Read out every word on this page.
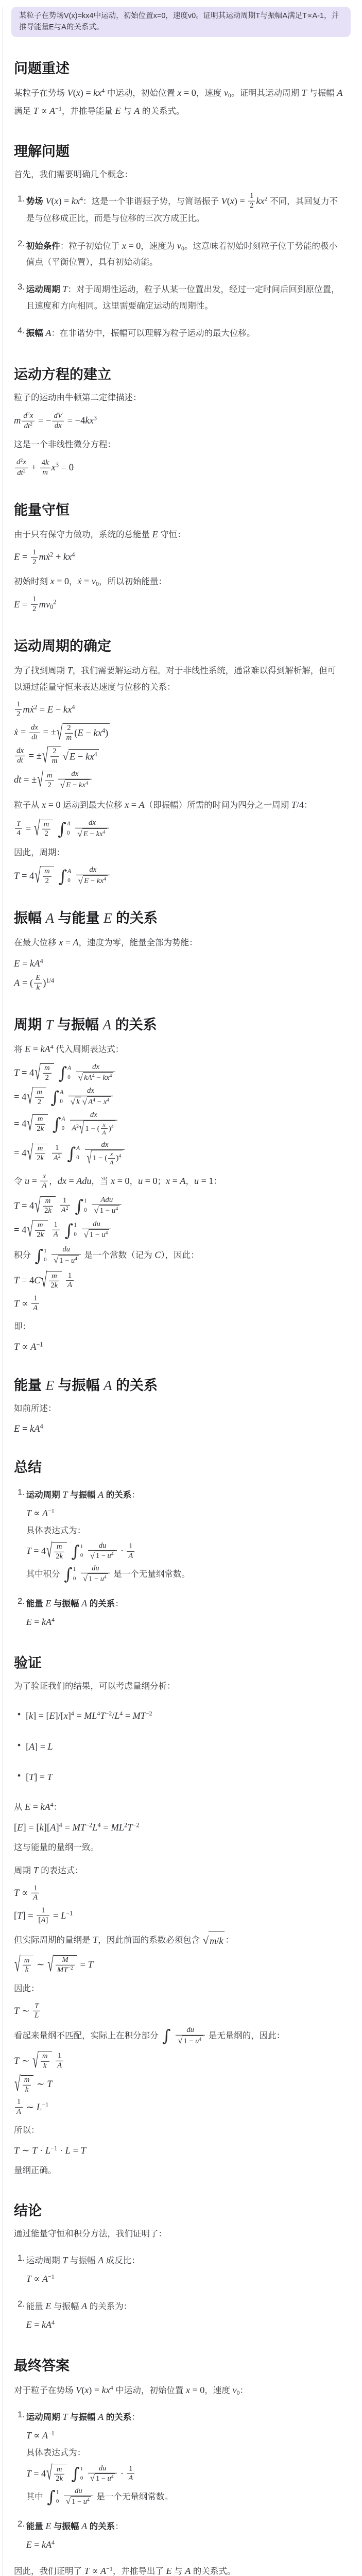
某粒子在势场V(x)=kx4中运动，初始位置x=0，速度v0。证明其运动周期T与振幅A满足T∝A-1，并推导能量E与A的关系式。
问题重述

某粒子在势场 $V(x) = kx^4$ 中运动，初始位置 x = 0，速度 $v_0$。证明其运动周期 T 与振幅 A 满足 $T \propto A^{-1}$，并推导能量 E 与 A 的关系式。

理解问题

首先，我们需要明确几个概念：

1. 势场 $V(x) = kx^4$：这是一个非谐振子势，与简谐振子 $V(x) = \frac{1}{2} kx^2$ 不同，其回复力不是与位移成正比，而是与位移的三次方成正比。
2. 初始条件：粒子初始位于 x = 0，速度为 $v_0$。这意味着初始时刻粒子位于势能的极小值点（平衡位置），具有初始动能。
3. 运动周期 T：对于周期性运动，粒子从某一位置出发，经过一定时间后回到原位置，且速度和方向相同。这里需要确定运动的周期性。
4. 振幅 A：在非谐势中，振幅可以理解为粒子运动的最大位移。
运动方程的建立

粒子的运动由牛顿第二定律描述：

m $\frac{d^2x}{dt^2}$ = − $\frac{dV}{dx} = -4kx^3$

这是一个非线性微分方程：

$\frac{d^2x}{dt^2} + \frac{4k}{m} x^3 = 0$
能量守恒

由于只有保守力做功，系统的总能量 E 守恒：

$E = \frac{1}{2}$ mẋ$^2$ + $kx^4$

初始时刻 x = 0，ẋ = $v_0$，所以初始能量：

$E = \frac{1}{2} mv_0^2$
运动周期的确定

为了找到周期 T，我们需要解运动方程。对于非线性系统，通常难以得到解析解，但可以通过能量守恒来表达速度与位移的关系：

$\frac{1}{2}$ mẋ$^2$ = $E - kx^4$
ẋ = $\frac{dx}{dt}$ = ± √ $\frac{2}{m} (E - kx^4)$
$\frac{dx}{dt}$ = ± √ $\frac{2}{m}$ √ $E - kx^4$
dt = ± √ $\frac{m}{2} \frac{dx}{√ E - kx^4}$

粒子从 x = 0 运动到最大位移 x = A（即振幅）所需的时间为四分之一周期 T/4：

$\frac{T}{4}$ = √ $\frac{m}{2}$
∫ A
0
$\frac{dx}{√ E - kx^4}$

因此，周期：

T = 4 √ $\frac{m}{2}$
∫ A
0
$\frac{dx}{√ E - kx^4}$
振幅 A 与能量 E 的关系

在最大位移 x = A，速度为零，能量全部为势能：

$E = kA^4$
A = ( $\frac{E}{k} )^{1/4}$
周期 T 与振幅 A 的关系

将 $E = kA^4$ 代入周期表达式：

T = 4 √ $\frac{m}{2}$
∫ A
0
$\frac{dx}{√ kA^4 - kx^4}$
= 4 √ $\frac{m}{2}$
∫ A
0
$\frac{dx}{√ k √ A^4 - x^4}$
= 4 √ $\frac{m}{2k}$
∫ A
0
$\frac{dx}{A^2 √ 1 - ( \frac{x}{A} )^4}$
= 4 √ $\frac{m}{2k}$
$\frac{1}{A^2}$
∫ A
0
$\frac{dx}{√ 1 - ( \frac{x}{A} )^4}$

令 $u = \frac{x}{A}$ ，dx = Adu，当 x = 0，u = 0；x = A，u = 1：

T = 4 √ $\frac{m}{2k}$
$\frac{1}{A^2}$
∫ 1
0

Adu
√ $1 - u^4$
= 4 √ $\frac{m}{2k}$
$\frac{1}{A}$
∫ 1
0
$\frac{du}{√ 1 - u^4}$

积分 ∫ 1
0
$\frac{du}{√ 1 - u^4}$ 是一个常数（记为 C），因此：

T = 4C √ $\frac{m}{2k}$
$\frac{1}{A}$
$T \propto \frac{1}{A}$

即：

$T \propto A^{-1}$
能量 E 与振幅 A 的关系

如前所述：

$E = kA^4$
总结
1. 运动周期 T 与振幅 A 的关系：
$T \propto A^{-1}$
具体表达式为：
T = 4 √ $\frac{m}{2k}$
∫ 1
0
$\frac{du}{√ 1 - u^4} \cdot \frac{1}{A}$
其中积分 ∫ 1
0
$\frac{du}{√ 1 - u^4}$ 是一个无量纲常数。
2. 能量 E 与振幅 A 的关系：
$E = kA^4$
验证

为了验证我们的结果，可以考虑量纲分析：

• $[k] = [E]/[x]^4 = ML^4T^{-2}/L^4 = MT^{-2}$
• [A] = L
• [T] = T

从 $E = kA^4$：

$[E] = [k][A]^4 = MT^{-2}L^4 = ML^2T^{-2}$

这与能量的量纲一致。

周期 T 的表达式：

$T \propto \frac{1}{A}$
$[T] = \frac{1}{[A]} = L^{-1}$

但实际周期的量纲是 T，因此前面的系数必须包含 √ m/k ：

√ $\frac{m}{k}$ ∼ √ $\frac{M}{MT^{-2}} = T$

因此：

T ∼ $\frac{T}{L}$

看起来量纲不匹配，实际上在积分部分 ∫
$\frac{du}{√ 1 - u^4}$ 是无量纲的，因此：

T ∼ √ $\frac{m}{k}$
$\frac{1}{A}$
√ $\frac{m}{k}$ ∼ T
$\frac{1}{A}$ ∼ $L^{-1}$

所以：

T ∼ $T \cdot L^{-1} \cdot L = T$

量纲正确。

结论

通过能量守恒和积分方法，我们证明了：

1. 运动周期 T 与振幅 A 成反比：
$T \propto A^{-1}$
2. 能量 E 与振幅 A 的关系为：
$E = kA^4$
最终答案

对于粒子在势场 $V(x) = kx^4$ 中运动，初始位置 x = 0，速度 $v_0$：

1. 运动周期 T 与振幅 A 的关系：
$T \propto A^{-1}$
具体表达式为：
T = 4 √ $\frac{m}{2k}$
∫ 1
0
$\frac{du}{√ 1 - u^4} \cdot \frac{1}{A}$
其中 ∫ 1
0
$\frac{du}{√ 1 - u^4}$ 是一个无量纲常数。
2. 能量 E 与振幅 A 的关系：
$E = kA^4$

因此，我们证明了 $T \propto A^{-1}$，并推导出了 E 与 A 的关系式。
